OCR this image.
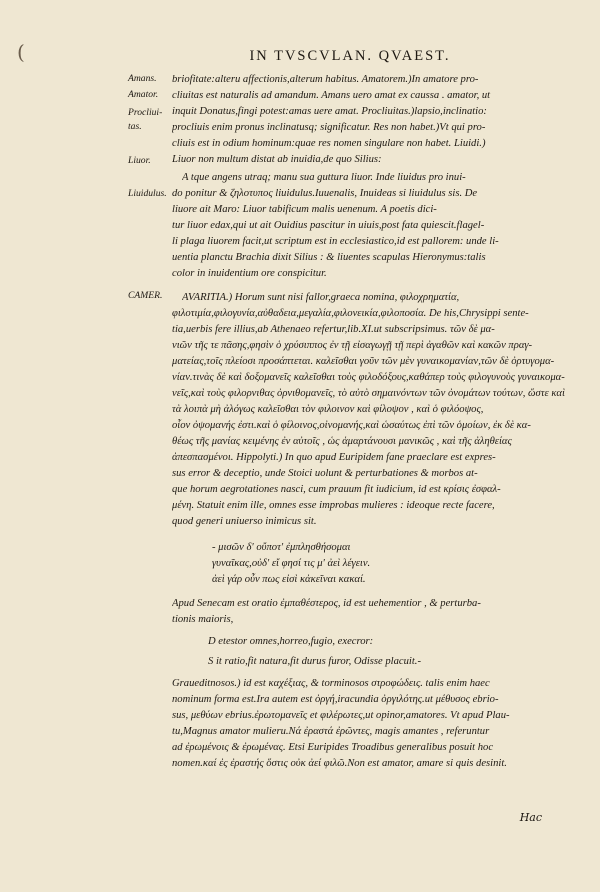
(	IN TVSCVLAN. QVAEST.
Amans.
Amator.
Procliui-
tas.
Liuor.
Liuidulus.
CAMER.
briofitate:alteru affectionis,alterum habitus. Amatorem.)In amatore pro-
cliuitas est naturalis ad amandum. Amans uero amat ex caussa . amator, ut
inquit Donatus,fingi potest:amas uere amat. Procliuitas.)lapsio,inclinatio:
procliuis enim pronus inclinatusq; significatur. Res non habet.)Vt qui pro-
cliuis est in odium hominum:quae res nomen singulare non habet. Liuidi.)
Liuor non multum distat ab inuidia,de quo Silius:
A tque angens utraq; manu sua guttura liuor. Inde liuidus pro inui-
do ponitur & ζηλοτυπος liuidulus.Iuuenalis, Inuideas si liuidulus sis. De
liuore ait Maro: Liuor tabificum malis uenenum. A poetis dici-
tur liuor edax,qui ut ait Ouidius pascitur in uiuis,post fata quiescit.flagel-
li plaga liuorem facit,ut scriptum est in ecclesiastico,id est pallorem: unde li-
uentia planctu Brachia dixit Silius : & liuentes scapulas Hieronymus:talis
color in inuidentium ore conspicitur.
AVARITIA.) Horum sunt nisi fallor,graeca nomina, φιλοχρηματία,
φιλοτιμία,φιλογυνία,αὐθαδεια,μεγαλία,φιλονεικία,φιλοποσία. De his,Chrysippi sente-
tia,uerbis fere illius,ab Athenaeo refertur,lib.XI.ut subscripsimus. τῶν δὲ μα-
νιῶν τῆς τε πᾶσης,φησὶν ὁ χρύσιππος ἐν τῇ εἰσαγωγῇ τῇ περὶ ἀγαθῶν καὶ κακῶν πραγ-
ματείας,τοῖς πλείοσι προσάπτεται. καλεῖσθαι γοῦν τῶν μὲν γυναικομανίαν,τῶν δὲ ὀρτυγομα-
νίαν.τινὰς δὲ καὶ δοξομανεῖς καλεῖσθαι τοὺς φιλοδόξους,καθάπερ τοὺς φιλογυνοὺς γυναικομα-
νεῖς,καὶ τοὺς φιλορνιθας ὀρνιθομανεῖς, τὸ αὐτὸ σημαινόντων τῶν ὀνομάτων τούτων, ὥστε καὶ
τὰ λοιπὰ μὴ ἀλόγως καλεῖσθαι τὸν φιλοινον καὶ φίλοψον , καὶ ὁ φιλόοψος,
οἷον ὀψομανής ἐστι.καὶ ὁ φίλοινος,οἰνομανής,καὶ ὡσαύτως ἐπὶ τῶν ὁμοίων, ἐκ δὲ κα-
θέως τῆς μανίας κειμένης ἐν αὐτοῖς , ὡς ἁμαρτάνουσι μανικῶς , καὶ τῆς ἀληθείας
ἀπεσπασμένοι. Hippolyti.) In quo apud Euripidem fane praeclare est expres-
sus error & deceptio, unde Stoici uolunt & perturbationes & morbos at-
que horum aegrotationes nasci, cum prauum fit iudicium, id est κρίσις ἐσφαλ-
μένη. Statuit enim ille, omnes esse improbas mulieres : ideoque recte facere,
quod generi uniuerso inimicus sit.
- μισῶν δ' οὔποτ' ἐμπλησθήσομαι
γυναῖκας,οὐδ' εἴ φησί τις μ' ἀεὶ λέγειν.
ἀεὶ γάρ οὖν πως εἰσὶ κἀκεῖναι κακαί.
Apud Senecam est oratio ἐμπαθέστερος, id est uehementior , & perturba-
tionis maioris,
D etestor omnes,horreo,fugio, execror:
S it ratio,fit natura,fit durus furor, Odisse placuit.-
Graueditnosos.) id est καχέξιας, & torminosos στροφώδεις. talis enim haec
nominum forma est.Ira autem est ὀργή,iracundia ὀργιλότης.ut μέθυσος ebrio-
sus, μεθύων ebrius.ἐρωτομανεῖς et φιλέρωτες,ut opinor,amatores. Vt apud Plau-
tu,Magnus amator mulieru.Νά ἐραστά ἐρῶντες, magis amantes , referuntur
ad ἐρωμένοις & ἐρωμένας. Etsi Euripides Troadibus generalibus posuit hoc
nomen.καί ἐς ἐραστής ὅστις οὐκ ἀεί φιλῶ.Non est amator, amare si quis desinit.
Hac
